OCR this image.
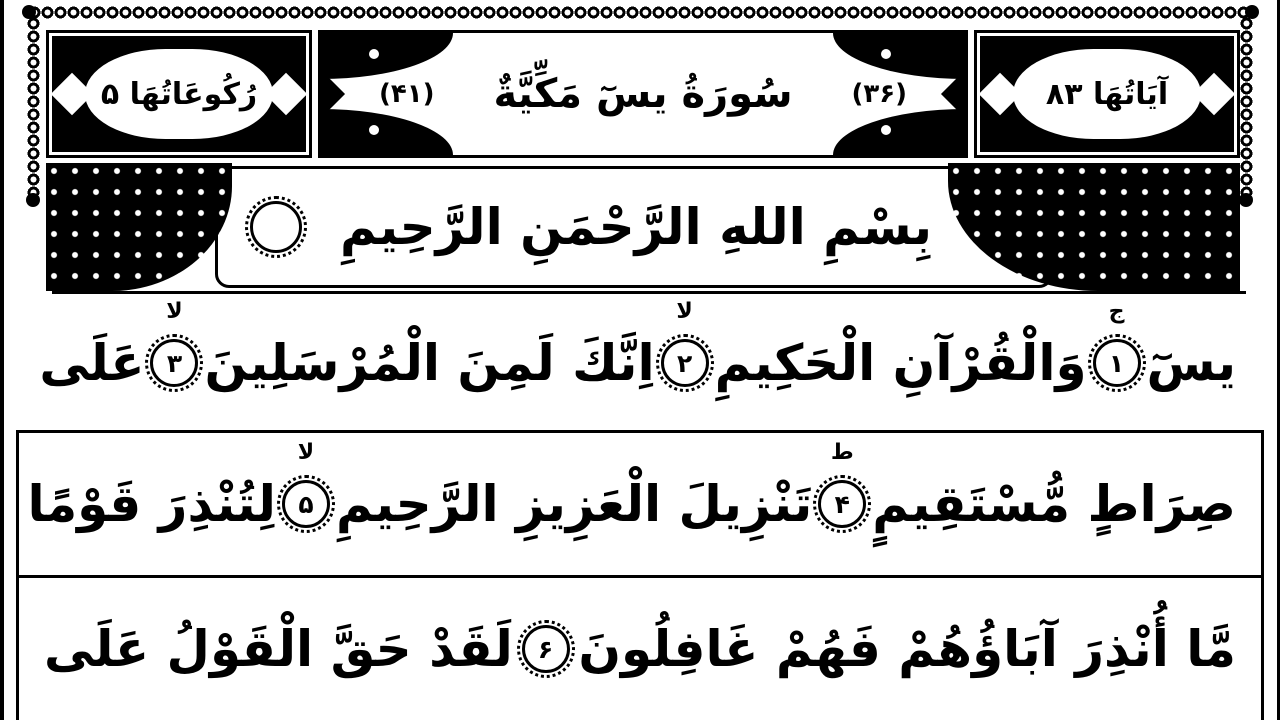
رُكُوعَاتُهَا ۵	(۳۶)
سُورَةُ يسٓ مَكِّيَّةٌ
(۴۱)	آيَاتُهَا ۸۳
بِسْمِ اللهِ الرَّحْمَنِ الرَّحِيمِ
يسٓ
۱
ج
وَالْقُرْآنِ الْحَكِيمِ
۲
لا
اِنَّكَ لَمِنَ الْمُرْسَلِينَ
۳
لا
عَلَى
صِرَاطٍ مُّسْتَقِيمٍ
۴
ط
تَنْزِيلَ الْعَزِيزِ الرَّحِيمِ
۵
لا
لِتُنْذِرَ قَوْمًا
مَّا أُنْذِرَ آبَاؤُهُمْ فَهُمْ غَافِلُونَ
۶
لَقَدْ حَقَّ الْقَوْلُ عَلَى
